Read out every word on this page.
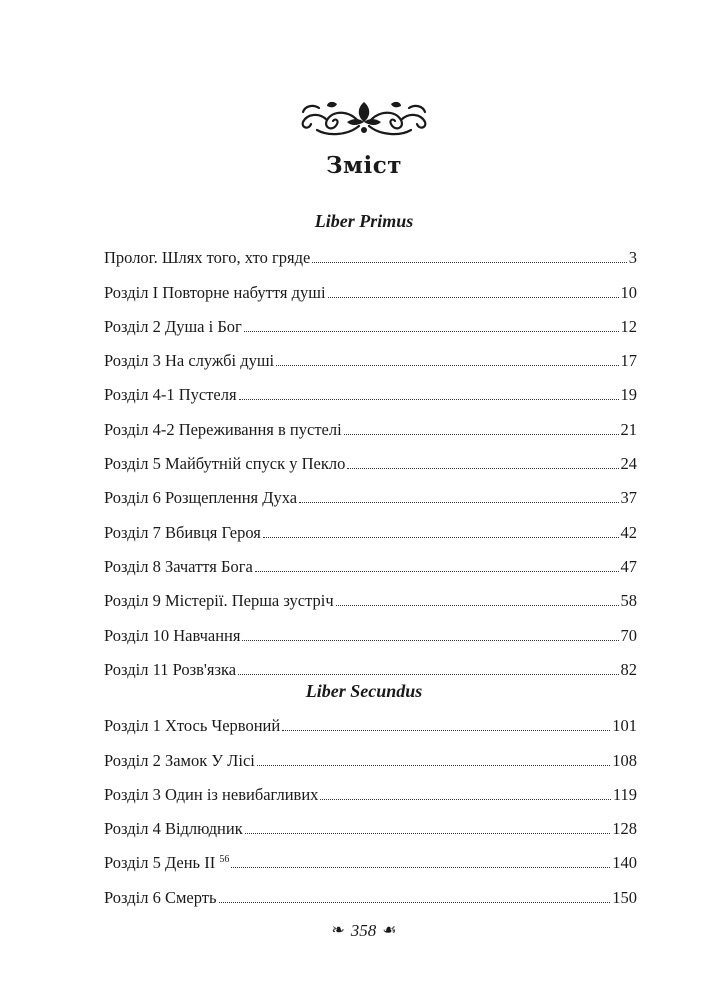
Зміст
Liber Primus
Пролог. Шлях того, хто гряде	3
Розділ I Повторне набуття душі	10
Розділ 2 Душа і Бог	12
Розділ 3 На службі душі	17
Розділ 4-1 Пустеля	19
Розділ 4-2 Переживання в пустелі	21
Розділ 5 Майбутній спуск у Пекло	24
Розділ 6 Розщеплення Духа	37
Розділ 7 Вбивця Героя	42
Розділ 8 Зачаття Бога	47
Розділ 9 Містерії. Перша зустріч	58
Розділ 10 Навчання	70
Розділ 11 Розв'язка	82
Liber Secundus
Розділ 1 Хтось Червоний	101
Розділ 2 Замок У Лісі	108
Розділ 3 Один із невибагливих	119
Розділ 4 Відлюдник	128
Розділ 5 День II $^{56}$	140
Розділ 6 Смерть	150
❧ 358 ☙
